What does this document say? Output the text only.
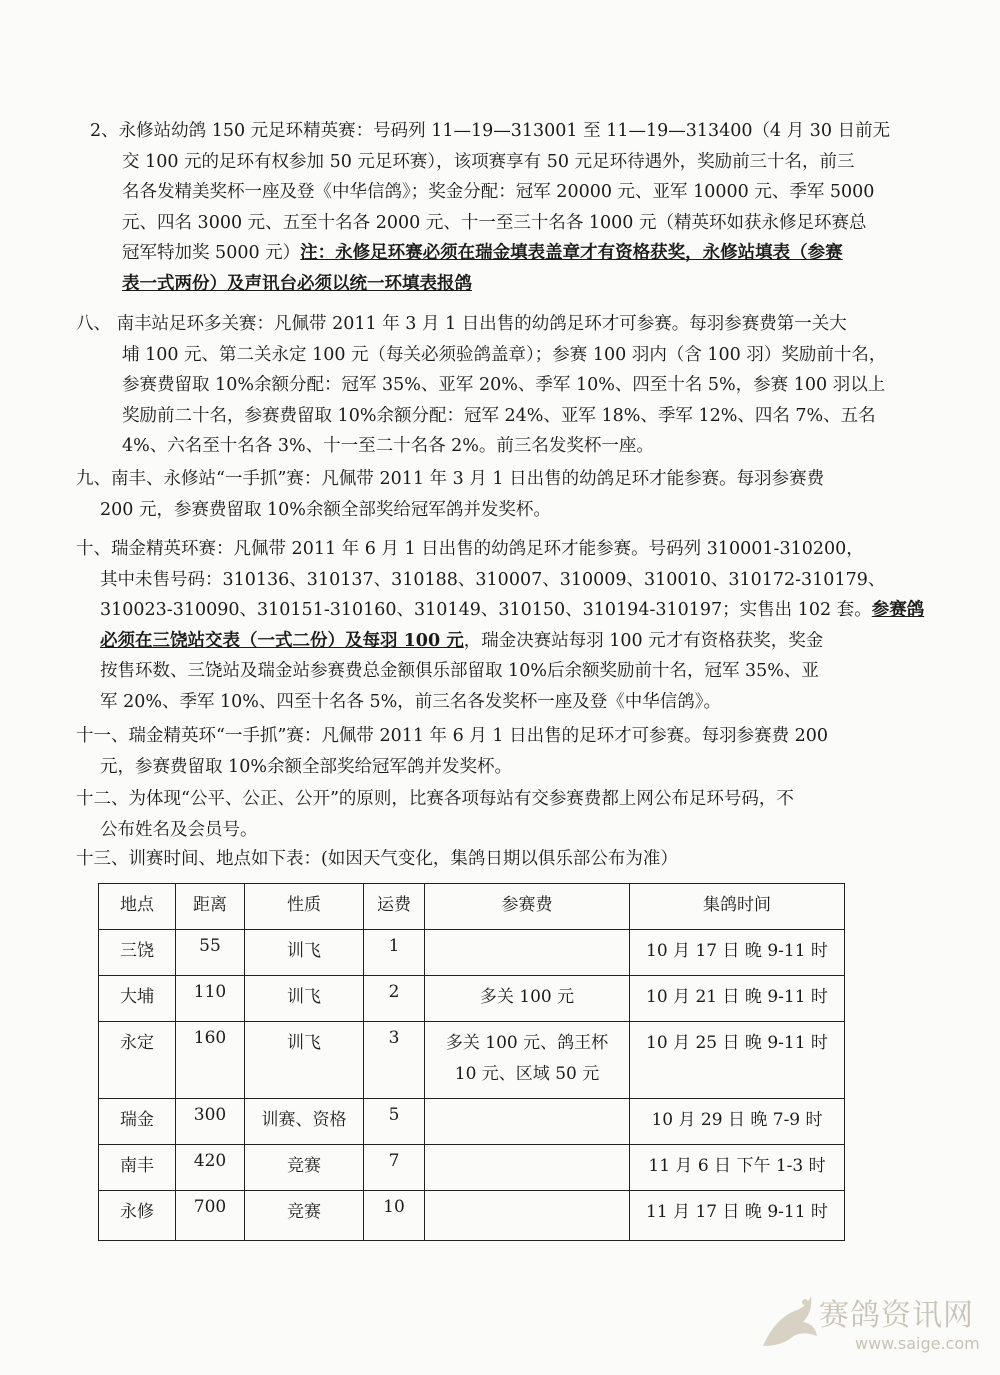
2、永修站幼鸽 150 元足环精英赛：号码列 11—19—313001 至 11—19—313400（4 月 30 日前无
交 100 元的足环有权参加 50 元足环赛），该项赛享有 50 元足环待遇外，奖励前三十名，前三
名各发精美奖杯一座及登《中华信鸽》；奖金分配：冠军 20000 元、亚军 10000 元、季军 5000
元、四名 3000 元、五至十名各 2000 元、十一至三十名各 1000 元（精英环如获永修足环赛总
冠军特加奖 5000 元）注：永修足环赛必须在瑞金填表盖章才有资格获奖，永修站填表（参赛
表一式两份）及声讯台必须以统一环填表报鸽
八、 南丰站足环多关赛：凡佩带 2011 年 3 月 1 日出售的幼鸽足环才可参赛。每羽参赛费第一关大
埔 100 元、第二关永定 100 元（每关必须验鸽盖章）；参赛 100 羽内（含 100 羽）奖励前十名，
参赛费留取 10%余额分配：冠军 35%、亚军 20%、季军 10%、四至十名 5%，参赛 100 羽以上
奖励前二十名，参赛费留取 10%余额分配：冠军 24%、亚军 18%、季军 12%、四名 7%、五名
4%、六名至十名各 3%、十一至二十名各 2%。前三名发奖杯一座。
九、南丰、永修站“一手抓”赛：凡佩带 2011 年 3 月 1 日出售的幼鸽足环才能参赛。每羽参赛费
200 元，参赛费留取 10%余额全部奖给冠军鸽并发奖杯。
十、瑞金精英环赛：凡佩带 2011 年 6 月 1 日出售的幼鸽足环才能参赛。号码列 310001-310200，
其中未售号码：310136、310137、310188、310007、310009、310010、310172-310179、
310023-310090、310151-310160、310149、310150、310194-310197；实售出 102 套。参赛鸽
必须在三饶站交表（一式二份）及每羽 100 元，瑞金决赛站每羽 100 元才有资格获奖，奖金
按售环数、三饶站及瑞金站参赛费总金额俱乐部留取 10%后余额奖励前十名，冠军 35%、亚
军 20%、季军 10%、四至十名各 5%，前三名各发奖杯一座及登《中华信鸽》。
十一、瑞金精英环“一手抓”赛：凡佩带 2011 年 6 月 1 日出售的足环才可参赛。每羽参赛费 200
元，参赛费留取 10%余额全部奖给冠军鸽并发奖杯。
十二、为体现“公平、公正、公开”的原则，比赛各项每站有交参赛费都上网公布足环号码，不
公布姓名及会员号。
十三、训赛时间、地点如下表：(如因天气变化，集鸽日期以俱乐部公布为准）
地点	距离	性质	运费	参赛费	集鸽时间
三饶	55	训飞	1		10 月 17 日 晚 9-11 时
大埔	110	训飞	2	多关 100 元	10 月 21 日 晚 9-11 时
永定	160	训飞	3	多关 100 元、鸽王杯
10 元、区域 50 元	10 月 25 日 晚 9-11 时
瑞金	300	训赛、资格	5		10 月 29 日 晚 7-9 时
南丰	420	竞赛	7		11 月 6 日 下午 1-3 时
永修	700	竞赛	10		11 月 17 日 晚 9-11 时
赛鸽资讯网
www.saige.com
